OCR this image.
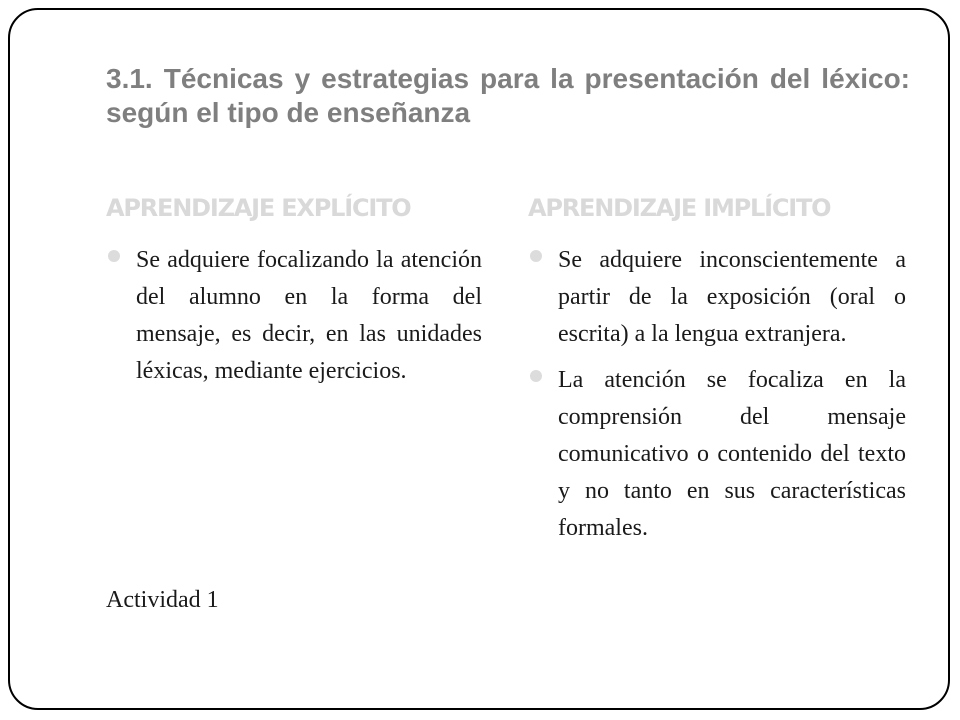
3.1. Técnicas y estrategias para la presentación del léxico: según el tipo de enseñanza
APRENDIZAJE EXPLÍCITO	APRENDIZAJE IMPLÍCITO
Se adquiere focalizando la atención del alumno en la forma del mensaje, es decir, en las unidades léxicas, mediante ejercicios.
Se adquiere inconscientemente a partir de la exposición (oral o escrita) a la lengua extranjera.
La atención se focaliza en la comprensión del mensaje comunicativo o contenido del texto y no tanto en sus características formales.

Actividad 1
